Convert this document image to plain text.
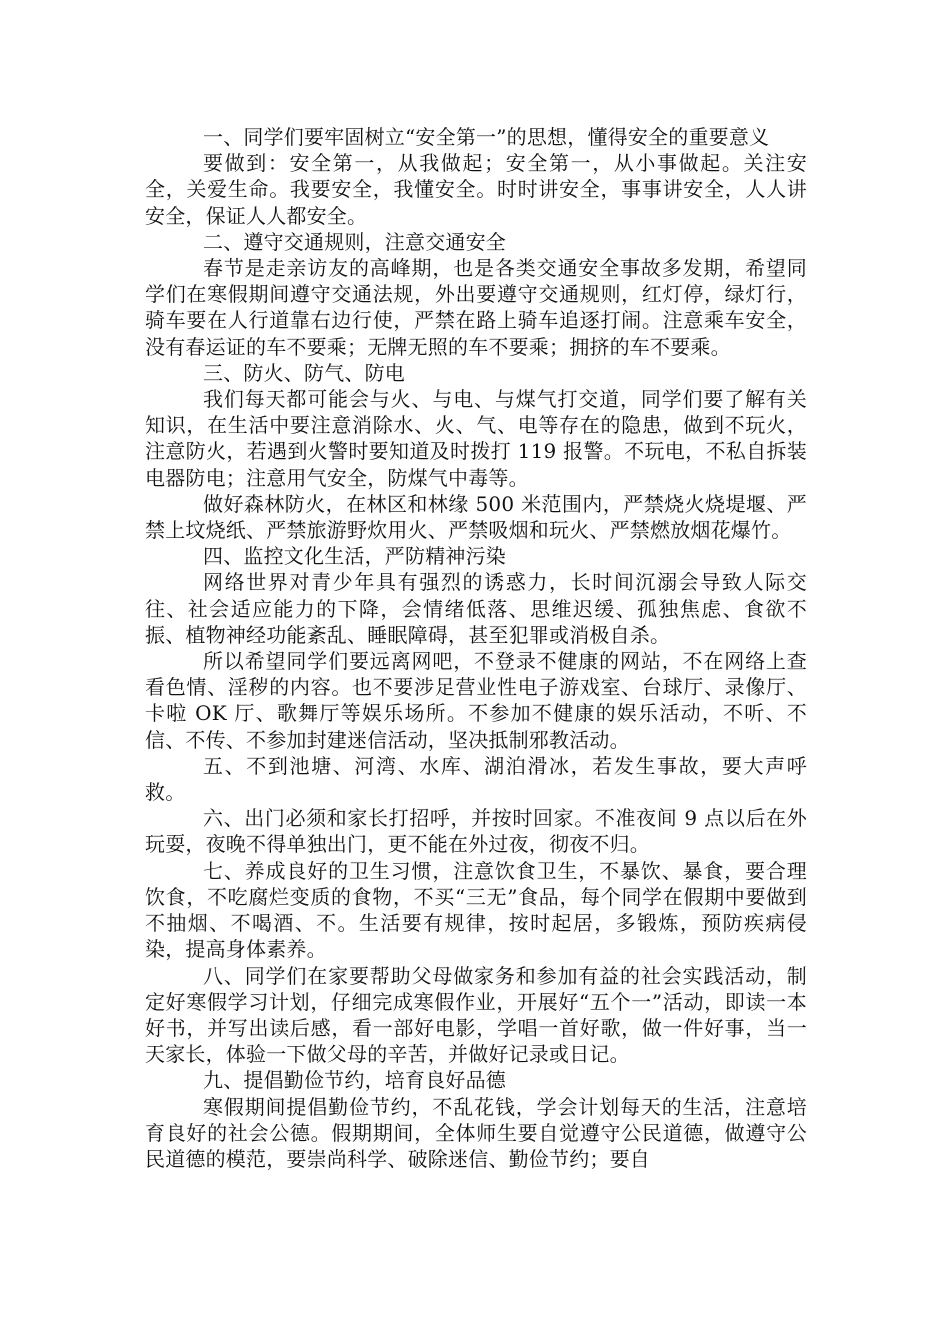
一、同学们要牢固树立“安全第一”的思想，懂得安全的重要意义

要做到：安全第一，从我做起；安全第一，从小事做起。关注安全，关爱生命。我要安全，我懂安全。时时讲安全，事事讲安全，人人讲安全，保证人人都安全。

二、遵守交通规则，注意交通安全

春节是走亲访友的高峰期，也是各类交通安全事故多发期，希望同学们在寒假期间遵守交通法规，外出要遵守交通规则，红灯停，绿灯行，骑车要在人行道靠右边行使，严禁在路上骑车追逐打闹。注意乘车安全，没有春运证的车不要乘；无牌无照的车不要乘；拥挤的车不要乘。

三、防火、防气、防电

我们每天都可能会与火、与电、与煤气打交道，同学们要了解有关知识，在生活中要注意消除水、火、气、电等存在的隐患，做到不玩火，注意防火，若遇到火警时要知道及时拨打 119 报警。不玩电，不私自拆装电器防电；注意用气安全，防煤气中毒等。

做好森林防火，在林区和林缘 500 米范围内，严禁烧火烧堤堰、严禁上坟烧纸、严禁旅游野炊用火、严禁吸烟和玩火、严禁燃放烟花爆竹。

四、监控文化生活，严防精神污染

网络世界对青少年具有强烈的诱惑力，长时间沉溺会导致人际交往、社会适应能力的下降，会情绪低落、思维迟缓、孤独焦虑、食欲不振、植物神经功能紊乱、睡眠障碍，甚至犯罪或消极自杀。

所以希望同学们要远离网吧，不登录不健康的网站，不在网络上查看色情、淫秽的内容。也不要涉足营业性电子游戏室、台球厅、录像厅、卡啦 OK 厅、歌舞厅等娱乐场所。不参加不健康的娱乐活动，不听、不信、不传、不参加封建迷信活动，坚决抵制邪教活动。

五、不到池塘、河湾、水库、湖泊滑冰，若发生事故，要大声呼救。

六、出门必须和家长打招呼，并按时回家。不准夜间 9 点以后在外玩耍，夜晚不得单独出门，更不能在外过夜，彻夜不归。

七、养成良好的卫生习惯，注意饮食卫生，不暴饮、暴食，要合理饮食，不吃腐烂变质的食物，不买“三无”食品，每个同学在假期中要做到不抽烟、不喝酒、不。生活要有规律，按时起居，多锻炼，预防疾病侵染，提高身体素养。

八、同学们在家要帮助父母做家务和参加有益的社会实践活动，制定好寒假学习计划，仔细完成寒假作业，开展好“五个一”活动，即读一本好书，并写出读后感，看一部好电影，学唱一首好歌，做一件好事，当一天家长，体验一下做父母的辛苦，并做好记录或日记。

九、提倡勤俭节约，培育良好品德

寒假期间提倡勤俭节约，不乱花钱，学会计划每天的生活，注意培育良好的社会公德。假期期间，全体师生要自觉遵守公民道德，做遵守公民道德的模范，要崇尚科学、破除迷信、勤俭节约；要自
